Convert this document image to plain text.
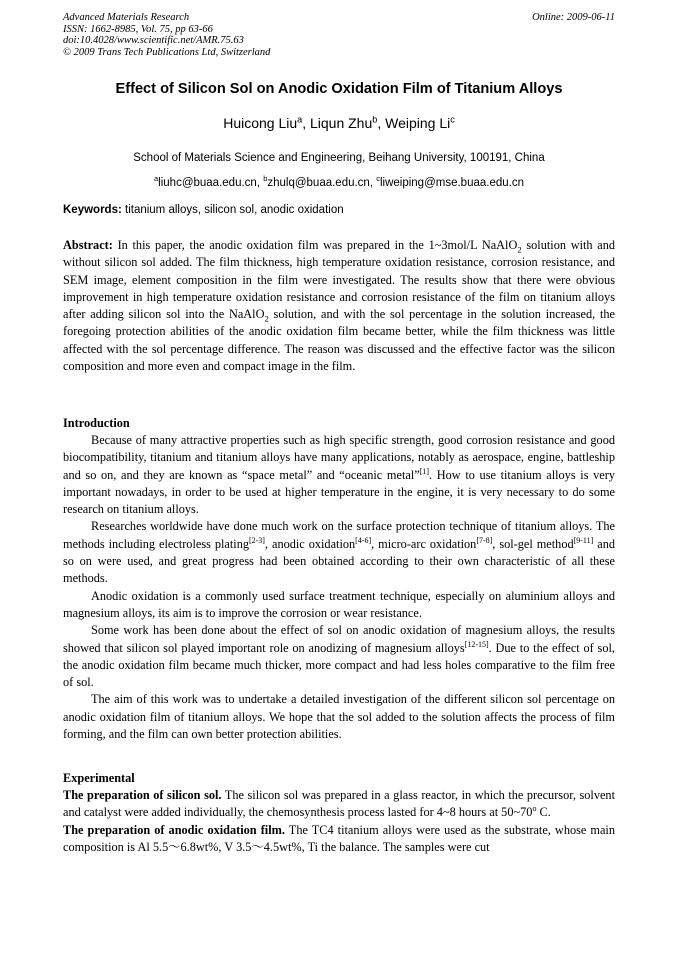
Advanced Materials Research
ISSN: 1662-8985, Vol. 75, pp 63-66
doi:10.4028/www.scientific.net/AMR.75.63
© 2009 Trans Tech Publications Ltd, Switzerland
Online: 2009-06-11
Effect of Silicon Sol on Anodic Oxidation Film of Titanium Alloys
Huicong Liu$^a$, Liqun Zhu$^b$, Weiping Li$^c$
School of Materials Science and Engineering, Beihang University, 100191, China
$^a$liuhc@buaa.edu.cn, $^b$zhulq@buaa.edu.cn, $^c$liweiping@mse.buaa.edu.cn
Keywords: titanium alloys, silicon sol, anodic oxidation

Abstract: In this paper, the anodic oxidation film was prepared in the 1~3mol/L NaAlO$_2$ solution with and without silicon sol added. The film thickness, high temperature oxidation resistance, corrosion resistance, and SEM image, element composition in the film were investigated. The results show that there were obvious improvement in high temperature oxidation resistance and corrosion resistance of the film on titanium alloys after adding silicon sol into the NaAlO$_2$ solution, and with the sol percentage in the solution increased, the foregoing protection abilities of the anodic oxidation film became better, while the film thickness was little affected with the sol percentage difference. The reason was discussed and the effective factor was the silicon composition and more even and compact image in the film.

Introduction

Because of many attractive properties such as high specific strength, good corrosion resistance and good biocompatibility, titanium and titanium alloys have many applications, notably as aerospace, engine, battleship and so on, and they are known as “space metal” and “oceanic metal”[1]. How to use titanium alloys is very important nowadays, in order to be used at higher temperature in the engine, it is very necessary to do some research on titanium alloys.

Researches worldwide have done much work on the surface protection technique of titanium alloys. The methods including electroless plating[2-3], anodic oxidation[4-6], micro-arc oxidation[7-8], sol-gel method[9-11] and so on were used, and great progress had been obtained according to their own characteristic of all these methods.

Anodic oxidation is a commonly used surface treatment technique, especially on aluminium alloys and magnesium alloys, its aim is to improve the corrosion or wear resistance.

Some work has been done about the effect of sol on anodic oxidation of magnesium alloys, the results showed that silicon sol played important role on anodizing of magnesium alloys[12-15]. Due to the effect of sol, the anodic oxidation film became much thicker, more compact and had less holes comparative to the film free of sol.

The aim of this work was to undertake a detailed investigation of the different silicon sol percentage on anodic oxidation film of titanium alloys. We hope that the sol added to the solution affects the process of film forming, and the film can own better protection abilities.

Experimental

The preparation of silicon sol. The silicon sol was prepared in a glass reactor, in which the precursor, solvent and catalyst were added individually, the chemosynthesis process lasted for 4~8 hours at 50~70$^o$ C.

The preparation of anodic oxidation film. The TC4 titanium alloys were used as the substrate, whose main composition is Al 5.5～6.8wt%, V 3.5～4.5wt%, Ti the balance. The samples were cut
